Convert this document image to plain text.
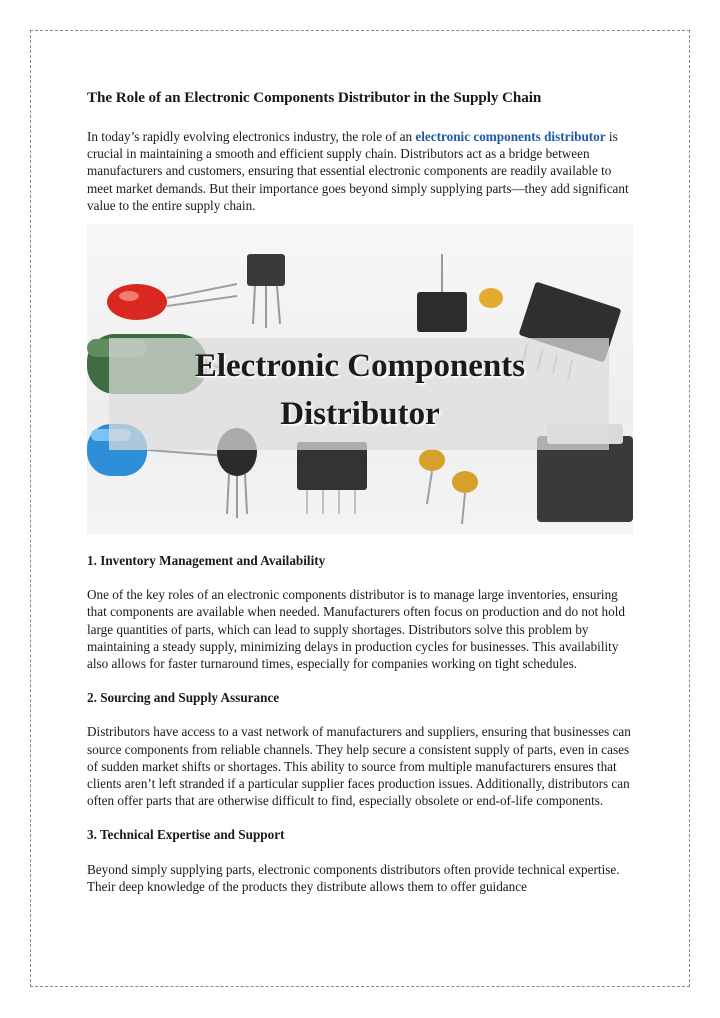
The Role of an Electronic Components Distributor in the Supply Chain

In today’s rapidly evolving electronics industry, the role of an electronic components distributor is crucial in maintaining a smooth and efficient supply chain. Distributors act as a bridge between manufacturers and customers, ensuring that essential electronic components are readily available to meet market demands. But their importance goes beyond simply supplying parts—they add significant value to the entire supply chain.

Electronic Components
Distributor
1. Inventory Management and Availability

One of the key roles of an electronic components distributor is to manage large inventories, ensuring that components are available when needed. Manufacturers often focus on production and do not hold large quantities of parts, which can lead to supply shortages. Distributors solve this problem by maintaining a steady supply, minimizing delays in production cycles for businesses. This availability also allows for faster turnaround times, especially for companies working on tight schedules.

2. Sourcing and Supply Assurance

Distributors have access to a vast network of manufacturers and suppliers, ensuring that businesses can source components from reliable channels. They help secure a consistent supply of parts, even in cases of sudden market shifts or shortages. This ability to source from multiple manufacturers ensures that clients aren’t left stranded if a particular supplier faces production issues. Additionally, distributors can often offer parts that are otherwise difficult to find, especially obsolete or end-of-life components.

3. Technical Expertise and Support

Beyond simply supplying parts, electronic components distributors often provide technical expertise. Their deep knowledge of the products they distribute allows them to offer guidance
